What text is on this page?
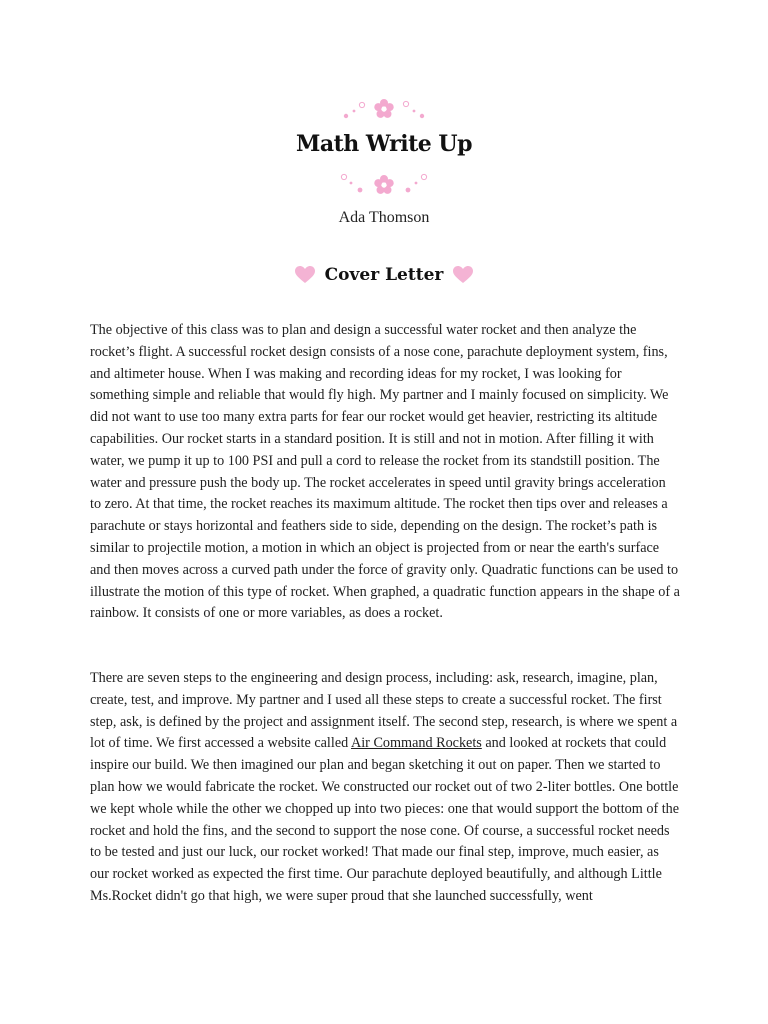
Math Write Up
Ada Thomson
Cover Letter

The objective of this class was to plan and design a successful water rocket and then analyze the rocket’s flight. A successful rocket design consists of a nose cone, parachute deployment system, fins, and altimeter house. When I was making and recording ideas for my rocket, I was looking for something simple and reliable that would fly high. My partner and I mainly focused on simplicity. We did not want to use too many extra parts for fear our rocket would get heavier, restricting its altitude capabilities. Our rocket starts in a standard position. It is still and not in motion. After filling it with water, we pump it up to 100 PSI and pull a cord to release the rocket from its standstill position. The water and pressure push the body up. The rocket accelerates in speed until gravity brings acceleration to zero. At that time, the rocket reaches its maximum altitude. The rocket then tips over and releases a parachute or stays horizontal and feathers side to side, depending on the design. The rocket’s path is similar to projectile motion, a motion in which an object is projected from or near the earth's surface and then moves across a curved path under the force of gravity only. Quadratic functions can be used to illustrate the motion of this type of rocket. When graphed, a quadratic function appears in the shape of a rainbow. It consists of one or more variables, as does a rocket.

There are seven steps to the engineering and design process, including: ask, research, imagine, plan, create, test, and improve. My partner and I used all these steps to create a successful rocket. The first step, ask, is defined by the project and assignment itself. The second step, research, is where we spent a lot of time. We first accessed a website called Air Command Rockets and looked at rockets that could inspire our build. We then imagined our plan and began sketching it out on paper. Then we started to plan how we would fabricate the rocket. We constructed our rocket out of two 2-liter bottles. One bottle we kept whole while the other we chopped up into two pieces: one that would support the bottom of the rocket and hold the fins, and the second to support the nose cone. Of course, a successful rocket needs to be tested and just our luck, our rocket worked! That made our final step, improve, much easier, as our rocket worked as expected the first time. Our parachute deployed beautifully, and although Little Ms.Rocket didn't go that high, we were super proud that she launched successfully, went
